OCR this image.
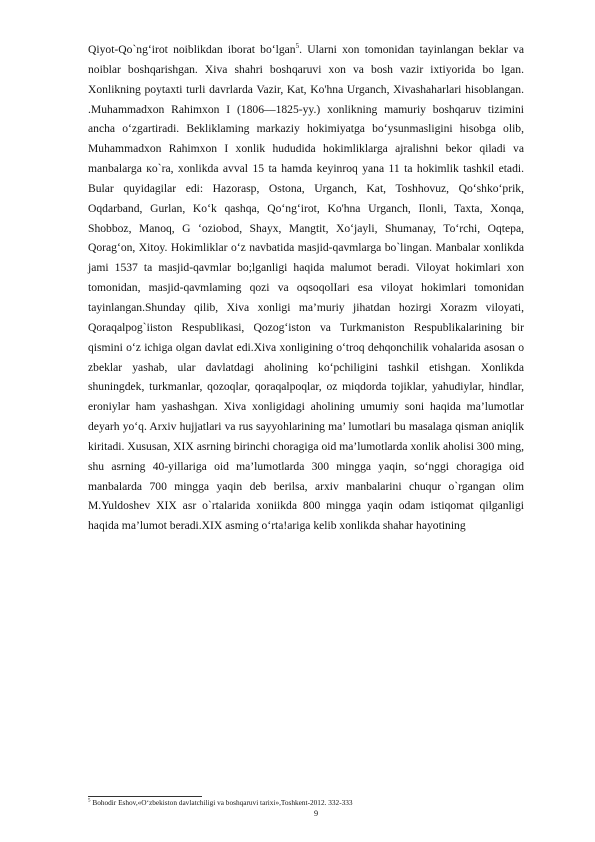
Qiyot-Qo`ng‘irot noiblikdan iborat bo‘lgan$^5$. Ularni xon tomonidan tayinlangan beklar va noiblar boshqarishgan. Xiva shahri boshqaruvi xon va bosh vazir ixtiyorida bo lgan. Xonlikning poytaxti turli davrlarda Vazir, Kat, Ko'hna Urganch, Xivashaharlari hisoblangan. .Muhammadxon Rahimxon I (1806—1825-yy.) xonlikning mamuriy boshqaruv tizimini ancha o‘zgartiradi. Bekliklaming markaziy hokimiyatga bo‘ysunmasligini hisobga olib, Muhammadxon Rahimxon I xonlik hududida hokimliklarga ajralishni bekor qiladi va manbalarga кo`ra, xonlikda avval 15 ta hamda keyinroq yana 11 ta hokimlik tashkil etadi. Bular quyidagilar edi: Hazorasp, Ostona, Urganch, Kat, Toshhovuz, Qo‘shko‘prik, Oqdarband, Gurlan, Ko‘k qashqa, Qo‘ng‘irot, Ko'hna Urganch, Ilonli, Taxta, Xonqa, Shobboz, Manoq, G ‘oziobod, Shayx, Mangtit, Xo‘jayli, Shumanay, To‘rchi, Oqtepa, Qorag‘on, Xitoy. Hokimliklar o‘z navbatida masjid-qavmlarga bo`lingan. Manbalar xonlikda jami 1537 ta masjid-qavmlar bo;lganligi haqida malumot beradi. Viloyat hokimlari xon tomonidan, masjid-qavmlaming qozi va oqsoqolIari esa viloyat hokimlari tomonidan tayinlangan.Shunday qilib, Xiva xonligi ma’muriy jihatdan hozirgi Xorazm viloyati, Qoraqalpog`iiston Respublikasi, Qozog‘iston va Turkmaniston Respublikalarining bir qismini o‘z ichiga olgan davlat edi.Xiva xonligining o‘troq dehqonchilik vohalarida asosan o zbeklar yashab, ular davlatdagi aholining ko‘pchiligini tashkil etishgan. Xonlikda shuningdek, turkmanlar, qozoqlar, qoraqalpoqlar, oz miqdorda tojiklar, yahudiylar, hindlar, eroniylar ham yashashgan. Xiva xonligidagi aholining umumiy soni haqida ma’lumotlar deyarh yo‘q. Arxiv hujjatlari va rus sayyohlarining ma’ lumotlari bu masalaga qisman aniqlik kiritadi. Xususan, XIX asrning birinchi choragiga oid ma’lumotlarda xonlik aholisi 300 ming, shu asrning 40-yillariga oid ma’lumotlarda 300 mingga yaqin, so‘nggi choragiga oid manbalarda 700 mingga yaqin deb berilsa, arxiv manbalarini chuqur o`rgangan olim M.Yuldoshev XIX asr o`rtalarida xoniikda 800 mingga yaqin odam istiqomat qilganligi haqida ma’lumot beradi.XIX asming o‘rta!ariga kelib xonlikda shahar hayotining

$^5$ Bohodir Eshov,«O‘zbekiston davlatchiligi va boshqaruvi tarixi»,Toshkent-2012. 332-333
9
